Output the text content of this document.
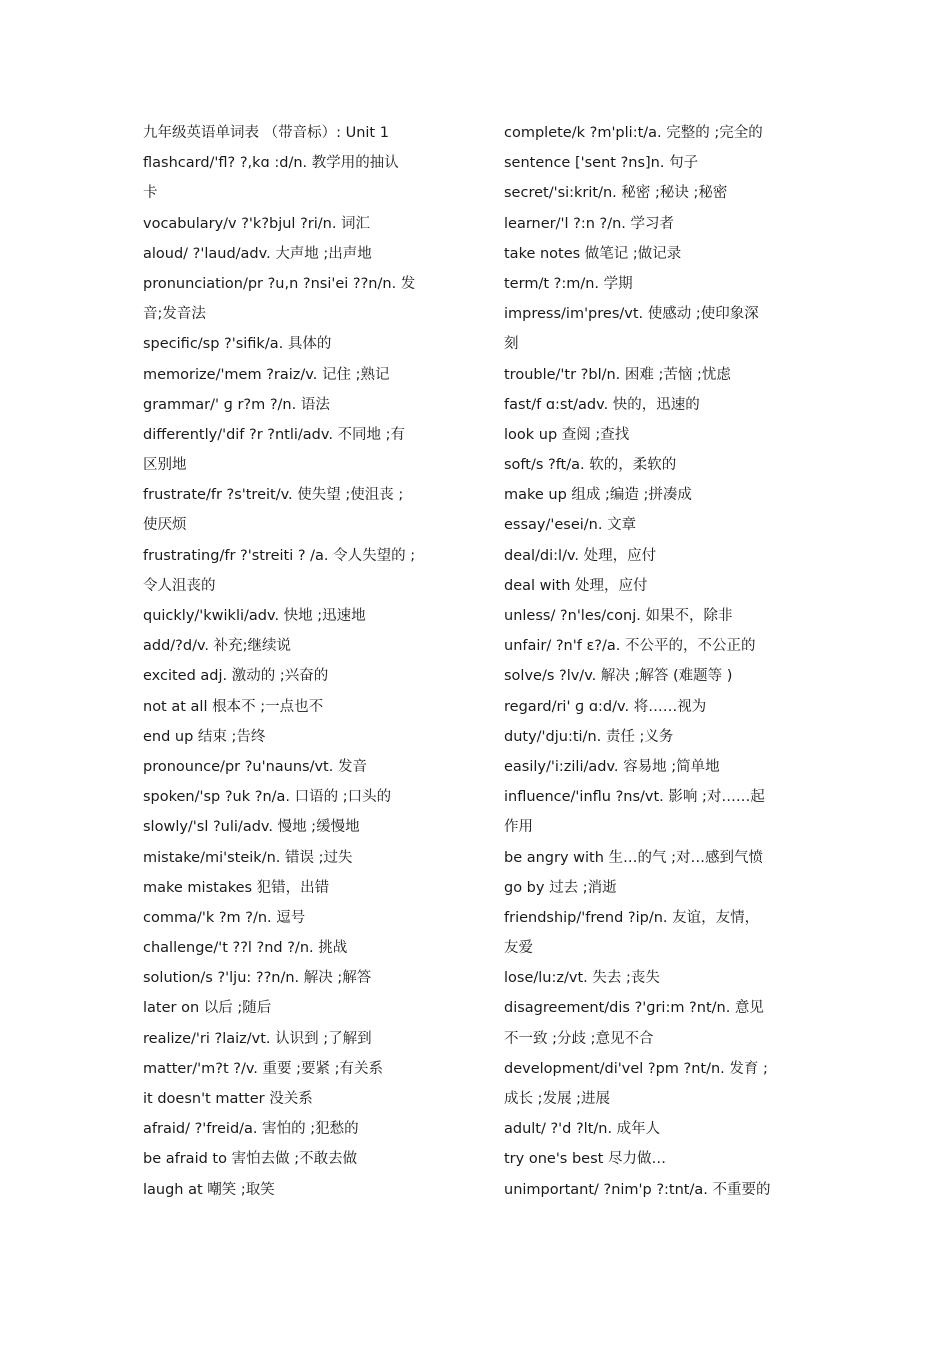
九年级英语单词表 （带音标）: Unit 1
flashcard/'fl? ?,kɑ :d/n. 教学用的抽认
卡
vocabulary/v ?'k?bjul ?ri/n. 词汇
aloud/ ?'laud/adv. 大声地 ;出声地
pronunciation/pr ?u,n ?nsi'ei ??n/n. 发
音;发音法
specific/sp ?'sifik/a. 具体的
memorize/'mem ?raiz/v. 记住 ;熟记
grammar/' ɡ r?m ?/n. 语法
differently/'dif ?r ?ntli/adv. 不同地 ;有
区别地
frustrate/fr ?s'treit/v. 使失望 ;使沮丧 ;
使厌烦
frustrating/fr ?'streiti ? /a. 令人失望的 ;
令人沮丧的
quickly/'kwikli/adv. 快地 ;迅速地
add/?d/v. 补充;继续说
excited adj. 激动的 ;兴奋的
not at all 根本不 ;一点也不
end up 结束 ;告终
pronounce/pr ?u'nauns/vt. 发音
spoken/'sp ?uk ?n/a. 口语的 ;口头的
slowly/'sl ?uli/adv. 慢地 ;缓慢地
mistake/mi'steik/n. 错误 ;过失
make mistakes 犯错，出错
comma/'k ?m ?/n. 逗号
challenge/'t ??l ?nd ?/n. 挑战
solution/s ?'lju: ??n/n. 解决 ;解答
later on 以后 ;随后
realize/'ri ?laiz/vt. 认识到 ;了解到
matter/'m?t ?/v. 重要 ;要紧 ;有关系
it doesn't matter 没关系
afraid/ ?'freid/a. 害怕的 ;犯愁的
be afraid to 害怕去做 ;不敢去做
laugh at 嘲笑 ;取笑
complete/k ?m'pli:t/a. 完整的 ;完全的
sentence ['sent ?ns]n. 句子
secret/'si:krit/n. 秘密 ;秘诀 ;秘密
learner/'l ?:n ?/n. 学习者
take notes 做笔记 ;做记录
term/t ?:m/n. 学期
impress/im'pres/vt. 使感动 ;使印象深
刻
trouble/'tr ?bl/n. 困难 ;苦恼 ;忧虑
fast/f ɑ:st/adv. 快的，迅速的
look up 查阅 ;查找
soft/s ?ft/a. 软的，柔软的
make up 组成 ;编造 ;拼凑成
essay/'esei/n. 文章
deal/di:l/v. 处理，应付
deal with 处理，应付
unless/ ?n'les/conj. 如果不，除非
unfair/ ?n'f ε?/a. 不公平的，不公正的
solve/s ?lv/v. 解决 ;解答 (难题等 )
regard/ri' ɡ ɑ:d/v. 将……视为
duty/'dju:ti/n. 责任 ;义务
easily/'i:zili/adv. 容易地 ;简单地
influence/'influ ?ns/vt. 影响 ;对……起
作用
be angry with 生…的气 ;对…感到气愤
go by 过去 ;消逝
friendship/'frend ?ip/n. 友谊，友情，
友爱
lose/lu:z/vt. 失去 ;丧失
disagreement/dis ?'ɡri:m ?nt/n. 意见
不一致 ;分歧 ;意见不合
development/di'vel ?pm ?nt/n. 发育 ;
成长 ;发展 ;进展
adult/ ?'d ?lt/n. 成年人
try one's best 尽力做…
unimportant/ ?nim'p ?:tnt/a. 不重要的
